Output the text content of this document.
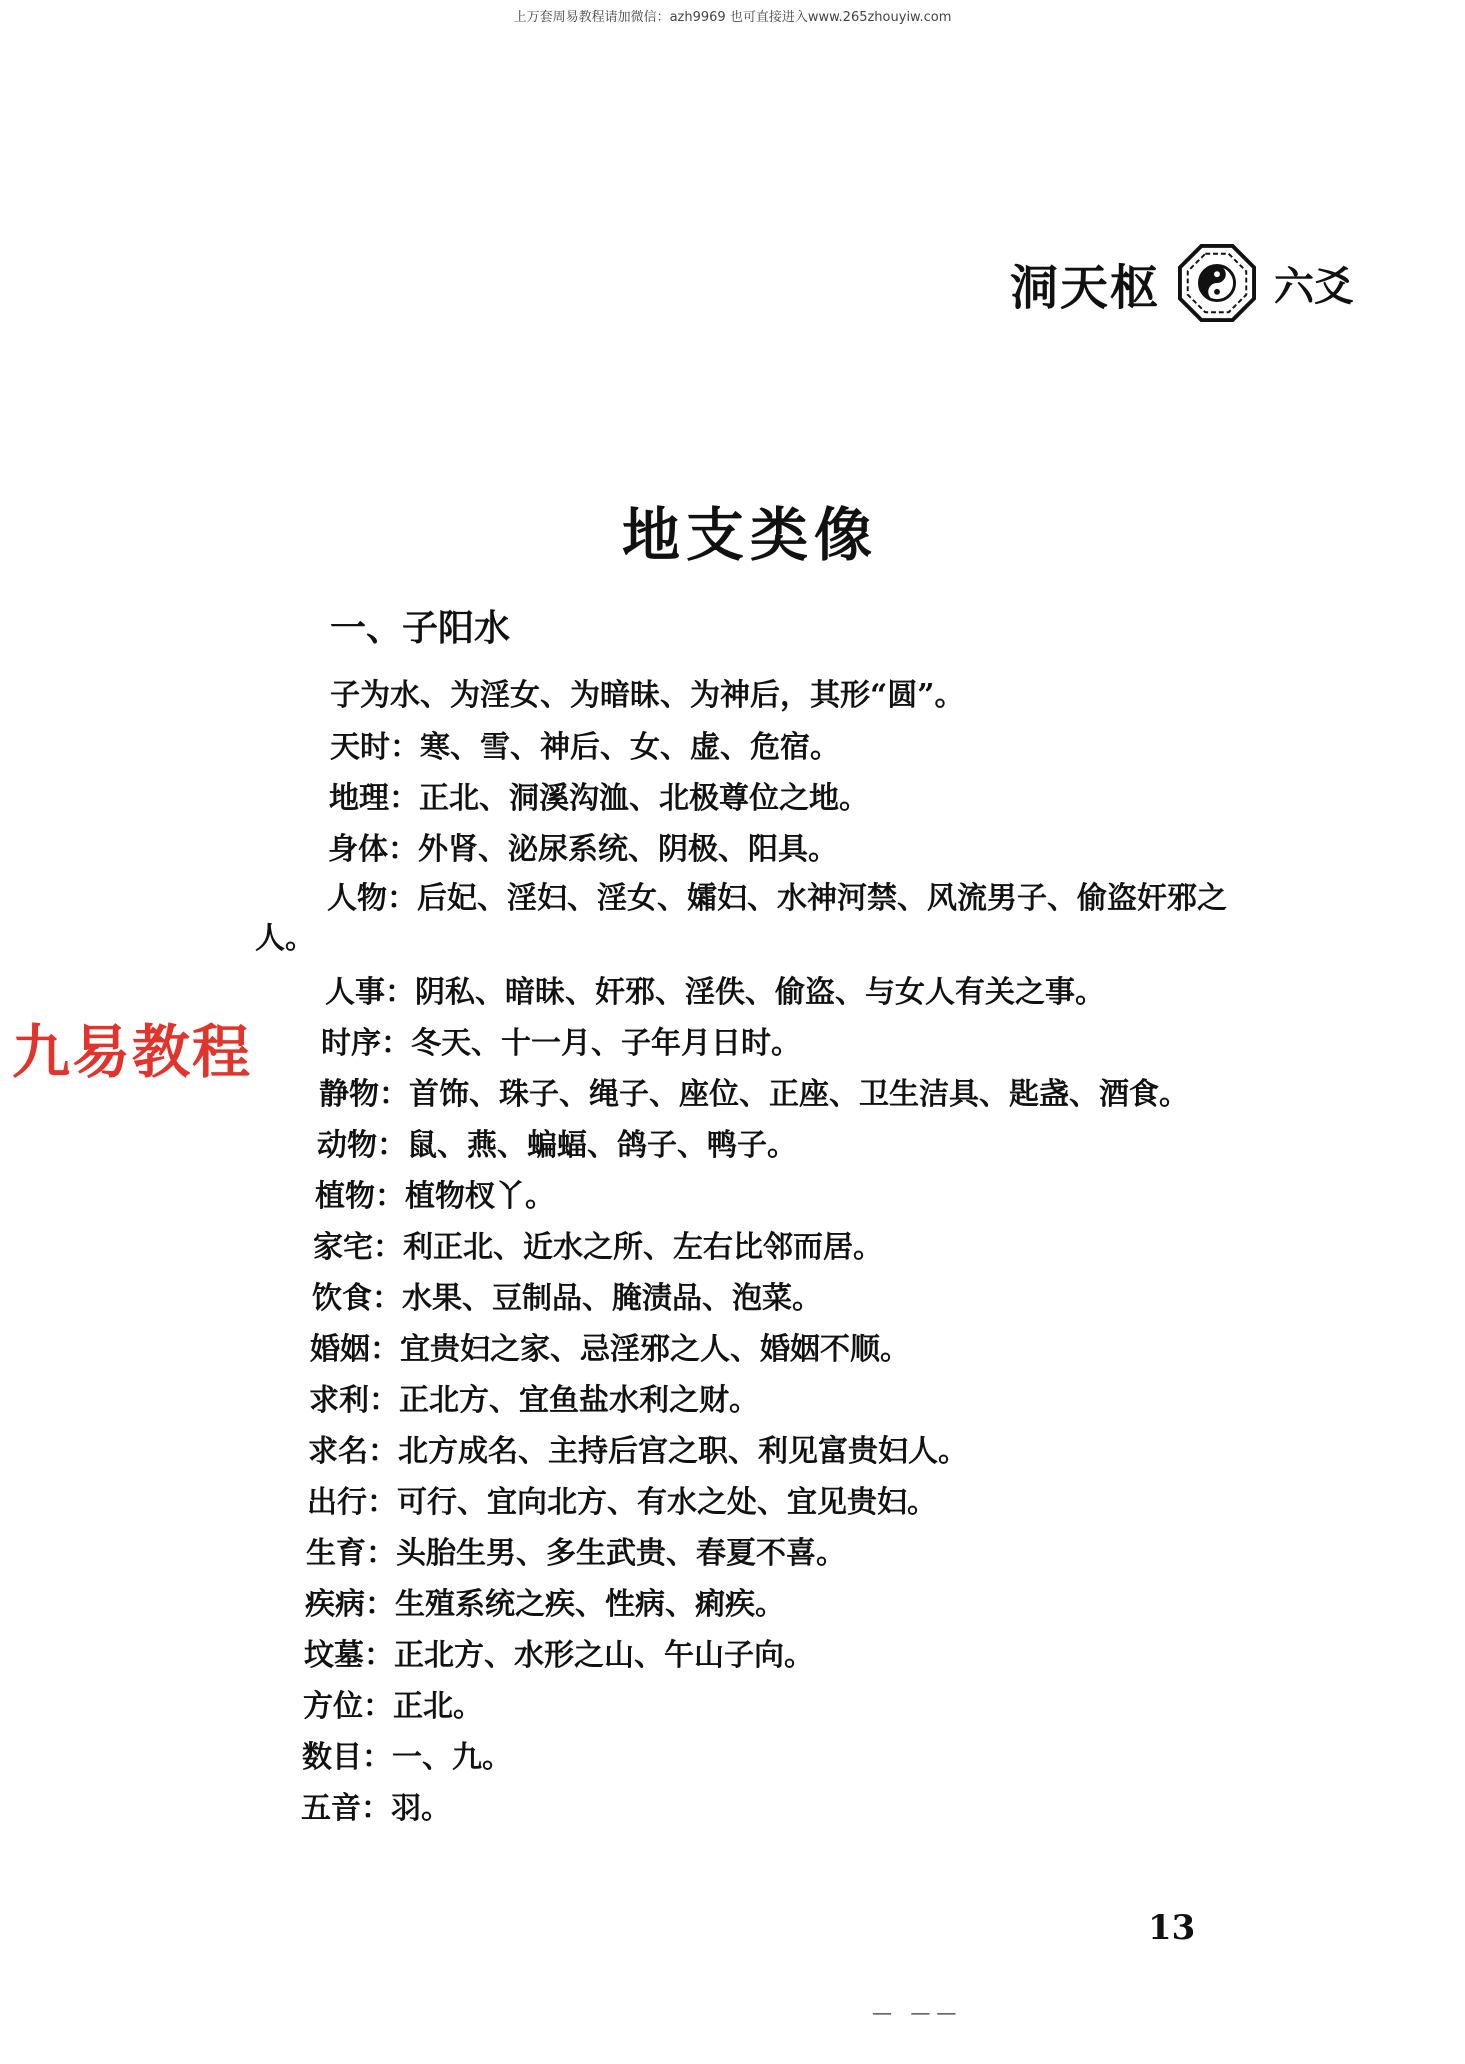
上万套周易教程请加微信：azh9969 也可直接进入www.265zhouyiw.com
洞天枢	六爻
地支类像
一、子阳水
子为水、为淫女、为暗昧、为神后，其形“圆”。
天时：寒、雪、神后、女、虚、危宿。
地理：正北、洞溪沟洫、北极尊位之地。
身体：外肾、泌尿系统、阴极、阳具。
人物：后妃、淫妇、淫女、孀妇、水神河禁、风流男子、偷盗奸邪之人。
人事：阴私、暗昧、奸邪、淫佚、偷盗、与女人有关之事。
时序：冬天、十一月、子年月日时。
静物：首饰、珠子、绳子、座位、正座、卫生洁具、匙盏、酒食。
动物：鼠、燕、蝙蝠、鸽子、鸭子。
植物：植物杈丫。
家宅：利正北、近水之所、左右比邻而居。
饮食：水果、豆制品、腌渍品、泡菜。
婚姻：宜贵妇之家、忌淫邪之人、婚姻不顺。
求利：正北方、宜鱼盐水利之财。
求名：北方成名、主持后宫之职、利见富贵妇人。
出行：可行、宜向北方、有水之处、宜见贵妇。
生育：头胎生男、多生武贵、春夏不喜。
疾病：生殖系统之疾、性病、痢疾。
坟墓：正北方、水形之山、午山子向。
方位：正北。
数目：一、九。
五音：羽。
九易教程
13
— ——
